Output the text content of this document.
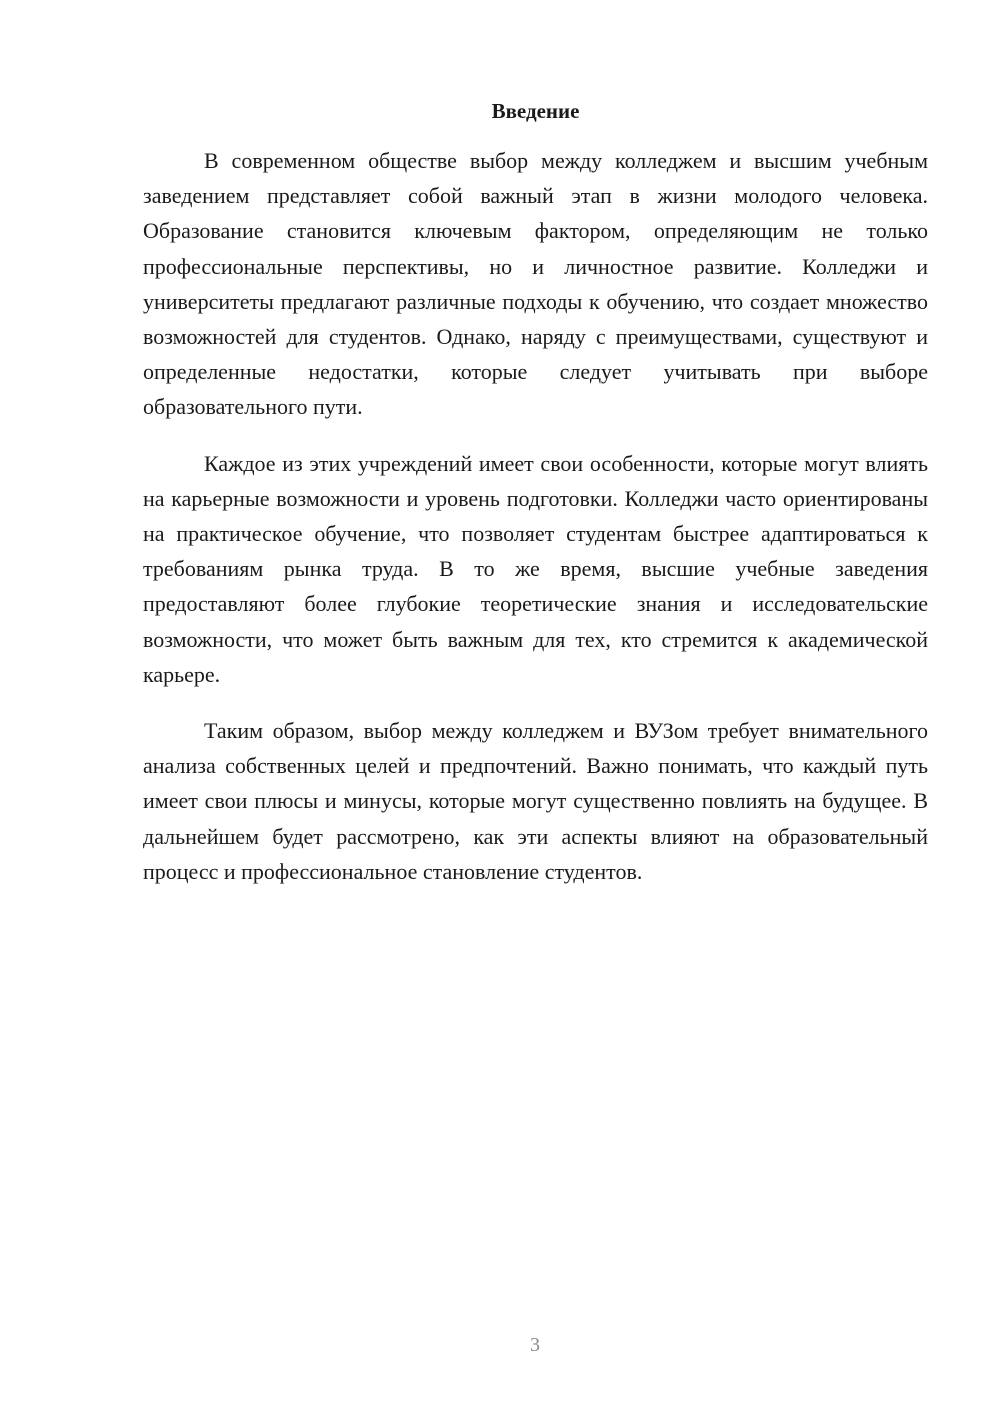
Введение

В современном обществе выбор между колледжем и высшим учебным заведением представляет собой важный этап в жизни молодого человека. Образование становится ключевым фактором, определяющим не только профессиональные перспективы, но и личностное развитие. Колледжи и университеты предлагают различные подходы к обучению, что создает множество возможностей для студентов. Однако, наряду с преимуществами, существуют и определенные недостатки, которые следует учитывать при выборе образовательного пути.

Каждое из этих учреждений имеет свои особенности, которые могут влиять на карьерные возможности и уровень подготовки. Колледжи часто ориентированы на практическое обучение, что позволяет студентам быстрее адаптироваться к требованиям рынка труда. В то же время, высшие учебные заведения предоставляют более глубокие теоретические знания и исследовательские возможности, что может быть важным для тех, кто стремится к академической карьере.

Таким образом, выбор между колледжем и ВУЗом требует внимательного анализа собственных целей и предпочтений. Важно понимать, что каждый путь имеет свои плюсы и минусы, которые могут существенно повлиять на будущее. В дальнейшем будет рассмотрено, как эти аспекты влияют на образовательный процесс и профессиональное становление студентов.

3
